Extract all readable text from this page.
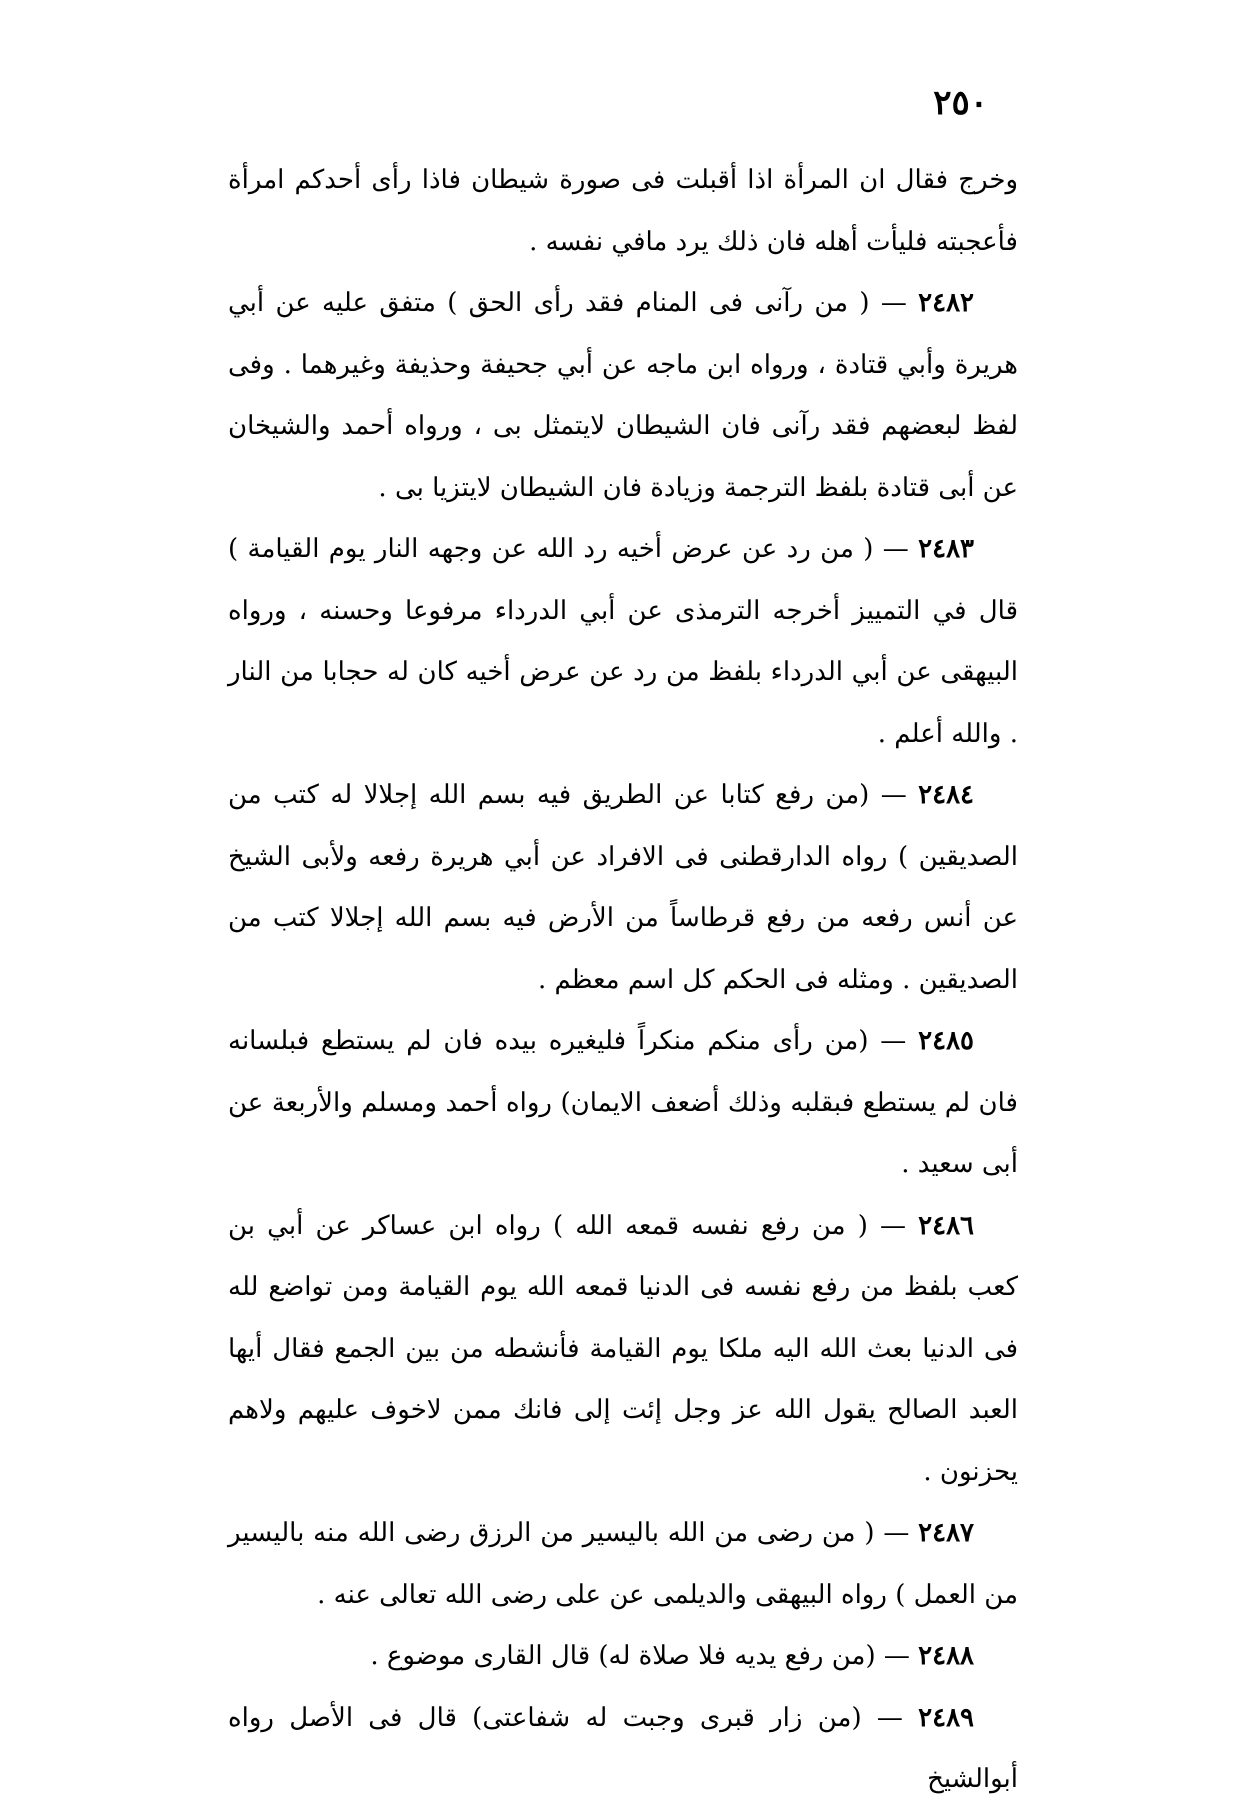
٢٥٠

وخرج فقال ان المرأة اذا أقبلت فى صورة شيطان فاذا رأى أحدكم امرأة فأعجبته فليأت أهله فان ذلك يرد مافي نفسه .

٢٤٨٢ — ( من رآنى فى المنام فقد رأى الحق ) متفق عليه عن أبي هريرة وأبي قتادة ، ورواه ابن ماجه عن أبي جحيفة وحذيفة وغيرهما . وفى لفظ لبعضهم فقد رآنى فان الشيطان لايتمثل بى ، ورواه أحمد والشيخان عن أبى قتادة بلفظ الترجمة وزيادة فان الشيطان لايتزيا بى .

٢٤٨٣ — ( من رد عن عرض أخيه رد الله عن وجهه النار يوم القيامة ) قال في التمييز أخرجه الترمذى عن أبي الدرداء مرفوعا وحسنه ، ورواه البيهقى عن أبي الدرداء بلفظ من رد عن عرض أخيه كان له حجابا من النار . والله أعلم .

٢٤٨٤ — (من رفع كتابا عن الطريق فيه بسم الله إجلالا له كتب من الصديقين ) رواه الدارقطنى فى الافراد عن أبي هريرة رفعه ولأبى الشيخ عن أنس رفعه من رفع قرطاساً من الأرض فيه بسم الله إجلالا كتب من الصديقين . ومثله فى الحكم كل اسم معظم .

٢٤٨٥ — (من رأى منكم منكراً فليغيره بيده فان لم يستطع فبلسانه فان لم يستطع فبقلبه وذلك أضعف الايمان) رواه أحمد ومسلم والأربعة عن أبى سعيد .

٢٤٨٦ — ( من رفع نفسه قمعه الله ) رواه ابن عساكر عن أبي بن كعب بلفظ من رفع نفسه فى الدنيا قمعه الله يوم القيامة ومن تواضع لله فى الدنيا بعث الله اليه ملكا يوم القيامة فأنشطه من بين الجمع فقال أيها العبد الصالح يقول الله عز وجل إئت إلى فانك ممن لاخوف عليهم ولاهم يحزنون .

٢٤٨٧ — ( من رضى من الله باليسير من الرزق رضى الله منه باليسير من العمل ) رواه البيهقى والديلمى عن على رضى الله تعالى عنه .

٢٤٨٨ — (من رفع يديه فلا صلاة له) قال القارى موضوع .

٢٤٨٩ — (من زار قبرى وجبت له شفاعتى) قال فى الأصل رواه أبوالشيخ
